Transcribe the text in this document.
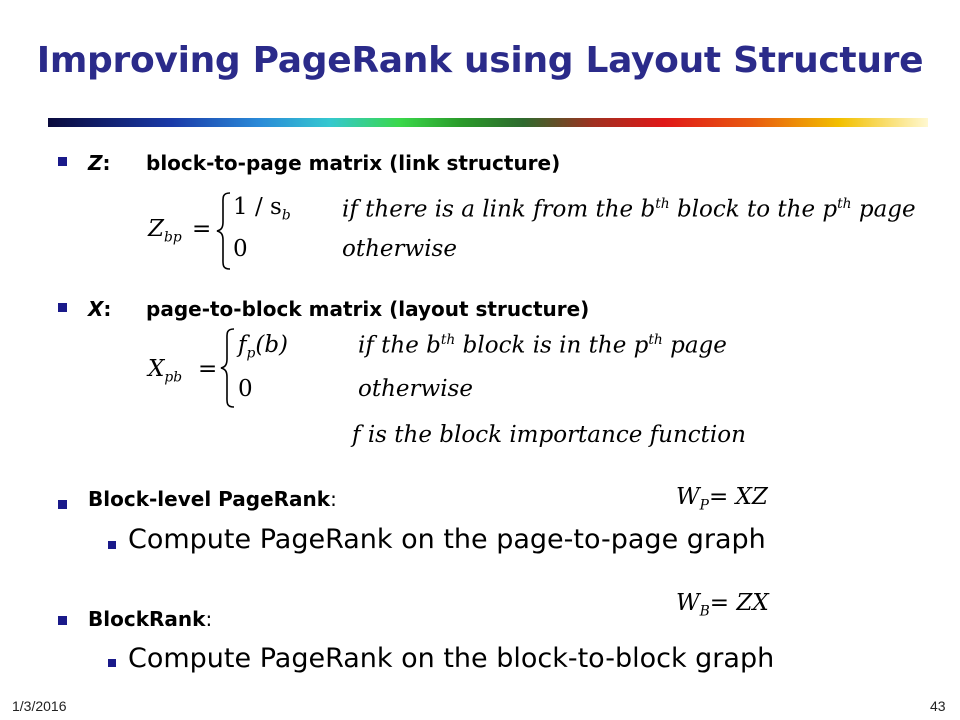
Improving PageRank using Layout Structure
Z: block-to-page matrix (link structure)
$Z_{bp}$ =
$1 / s_b$ if there is a link from the $b^{th}$ block to the $p^{th}$ page
0	otherwise
X: page-to-block matrix (layout structure)
$X_{pb}$ =
$f_p(b)$	if the $b^{th}$ block is in the $p^{th}$ page
0	otherwise
f is the block importance function
Block-level PageRank:	$W_P=$ XZ
Compute PageRank on the page-to-page graph
BlockRank:
$W_B=$ ZX
Compute PageRank on the block-to-block graph
1/3/2016	43
